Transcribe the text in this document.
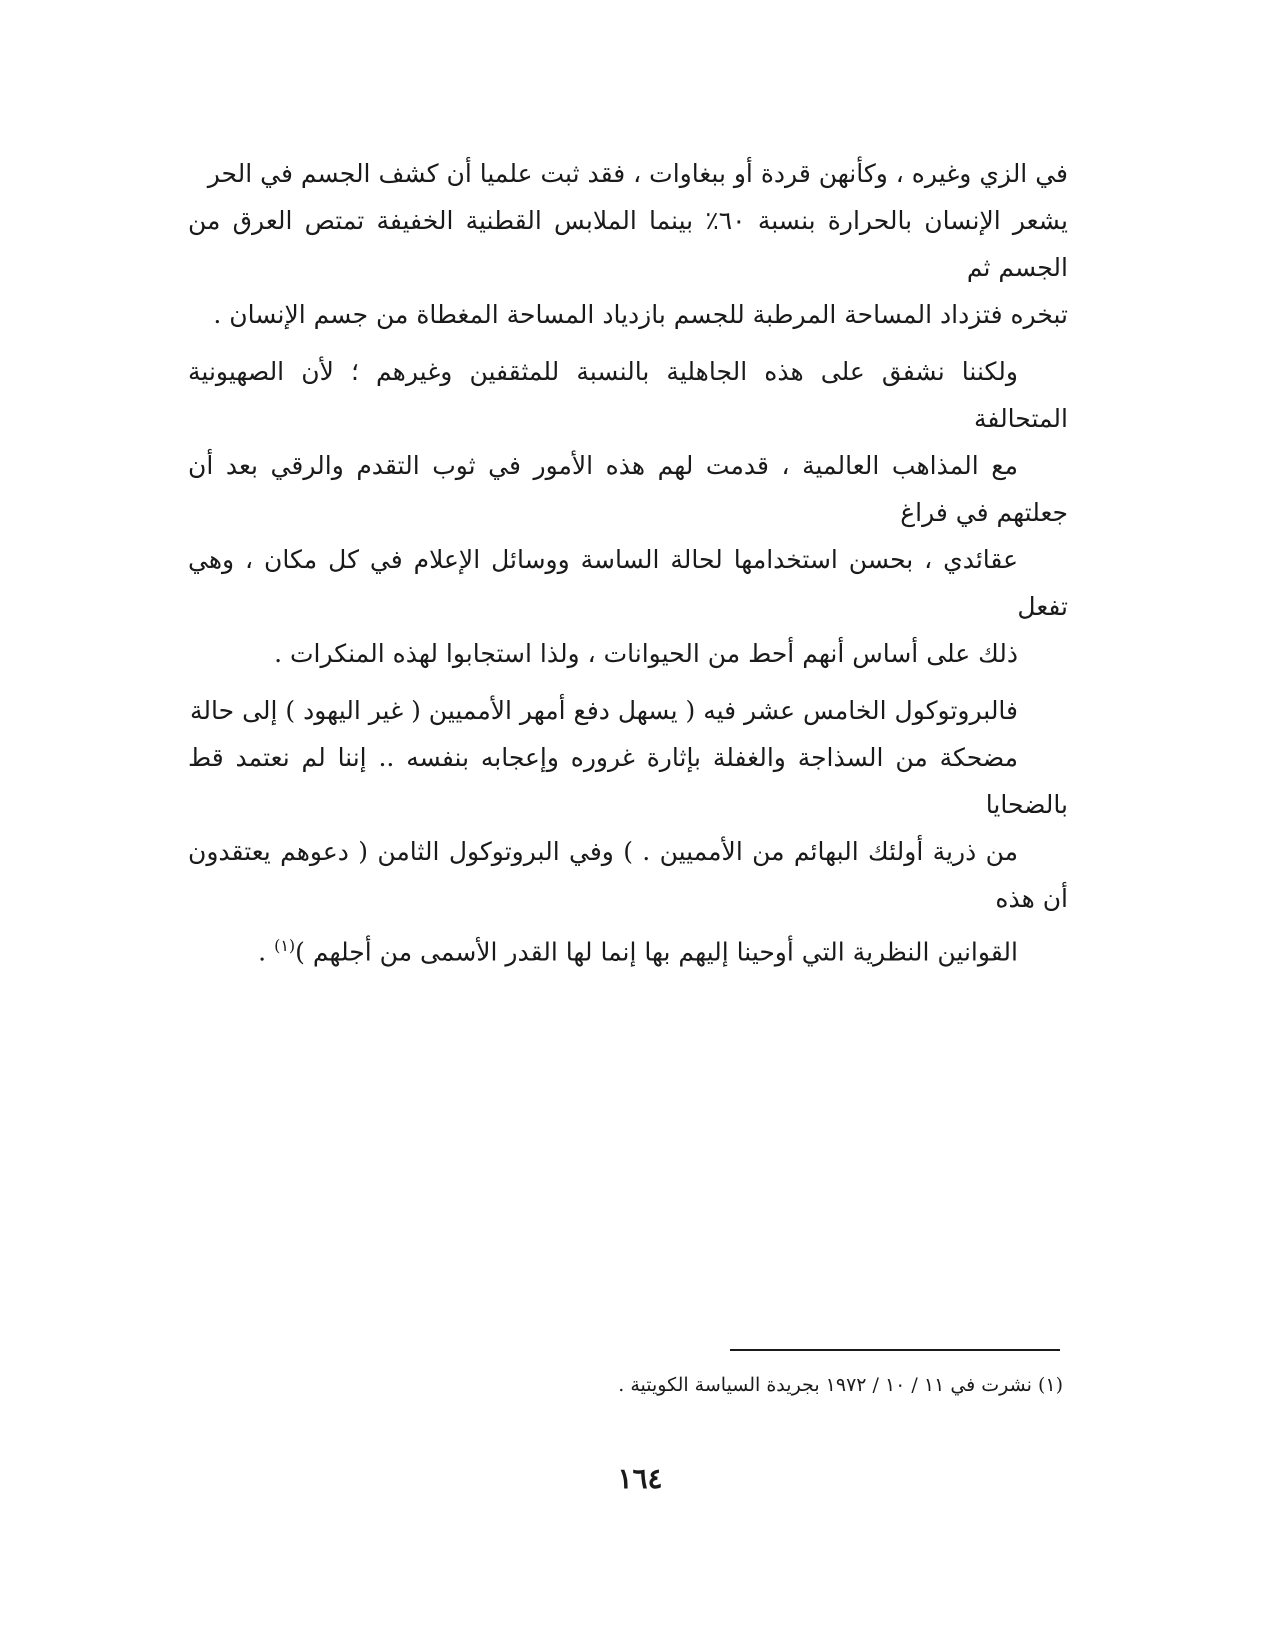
في الزي وغيره ، وكأنهن قردة أو ببغاوات ، فقد ثبت علميا أن كشف الجسم في الحر
يشعر الإنسان بالحرارة بنسبة ٦٠٪ بينما الملابس القطنية الخفيفة تمتص العرق من الجسم ثم
تبخره فتزداد المساحة المرطبة للجسم بازدياد المساحة المغطاة من جسم الإنسان .

ولكننا نشفق على هذه الجاهلية بالنسبة للمثقفين وغيرهم ؛ لأن الصهيونية المتحالفة
مع المذاهب العالمية ، قدمت لهم هذه الأمور في ثوب التقدم والرقي بعد أن جعلتهم في فراغ
عقائدي ، بحسن استخدامها لحالة الساسة ووسائل الإعلام في كل مكان ، وهي تفعل
ذلك على أساس أنهم أحط من الحيوانات ، ولذا استجابوا لهذه المنكرات .

فالبروتوكول الخامس عشر فيه ( يسهل دفع أمهر الأمميين ( غير اليهود ) إلى حالة
مضحكة من السذاجة والغفلة بإثارة غروره وإعجابه بنفسه .. إننا لم نعتمد قط بالضحايا
من ذرية أولئك البهائم من الأمميين . ) وفي البروتوكول الثامن ( دعوهم يعتقدون أن هذه
القوانين النظرية التي أوحينا إليهم بها إنما لها القدر الأسمى من أجلهم )$^{(١)}$ .

(١) نشرت في ١١ / ١٠ / ١٩٧٢ بجريدة السياسة الكويتية .
١٦٤
